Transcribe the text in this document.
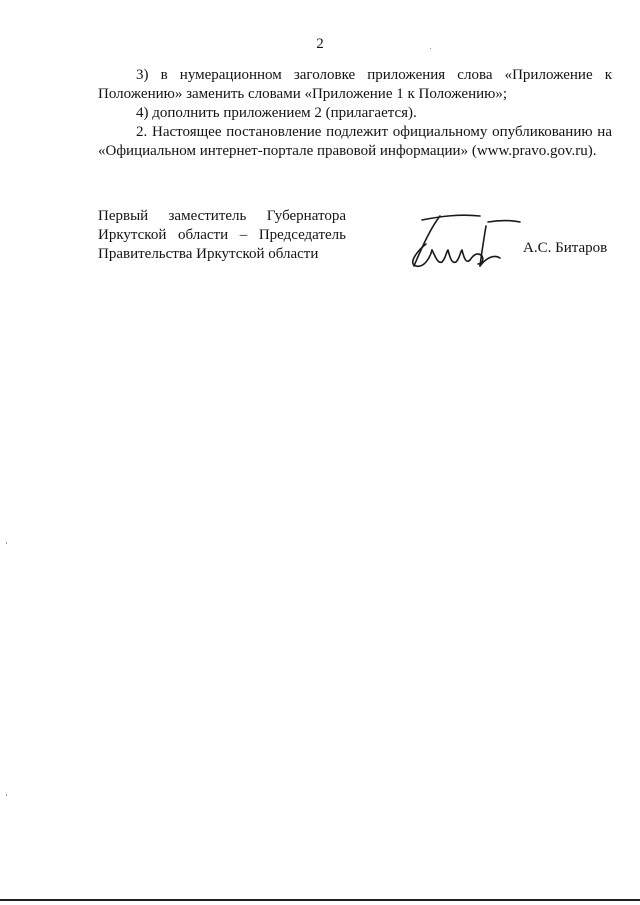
2

3) в нумерационном заголовке приложения слова «Приложение к Положению» заменить словами «Приложение 1 к Положению»;

4) дополнить приложением 2 (прилагается).

2. Настоящее постановление подлежит официальному опубликованию на «Официальном интернет-портале правовой информации» (www.pravo.gov.ru).

Первый заместитель Губернатора
Иркутской области – Председатель
Правительства Иркутской области	А.С. Битаров
